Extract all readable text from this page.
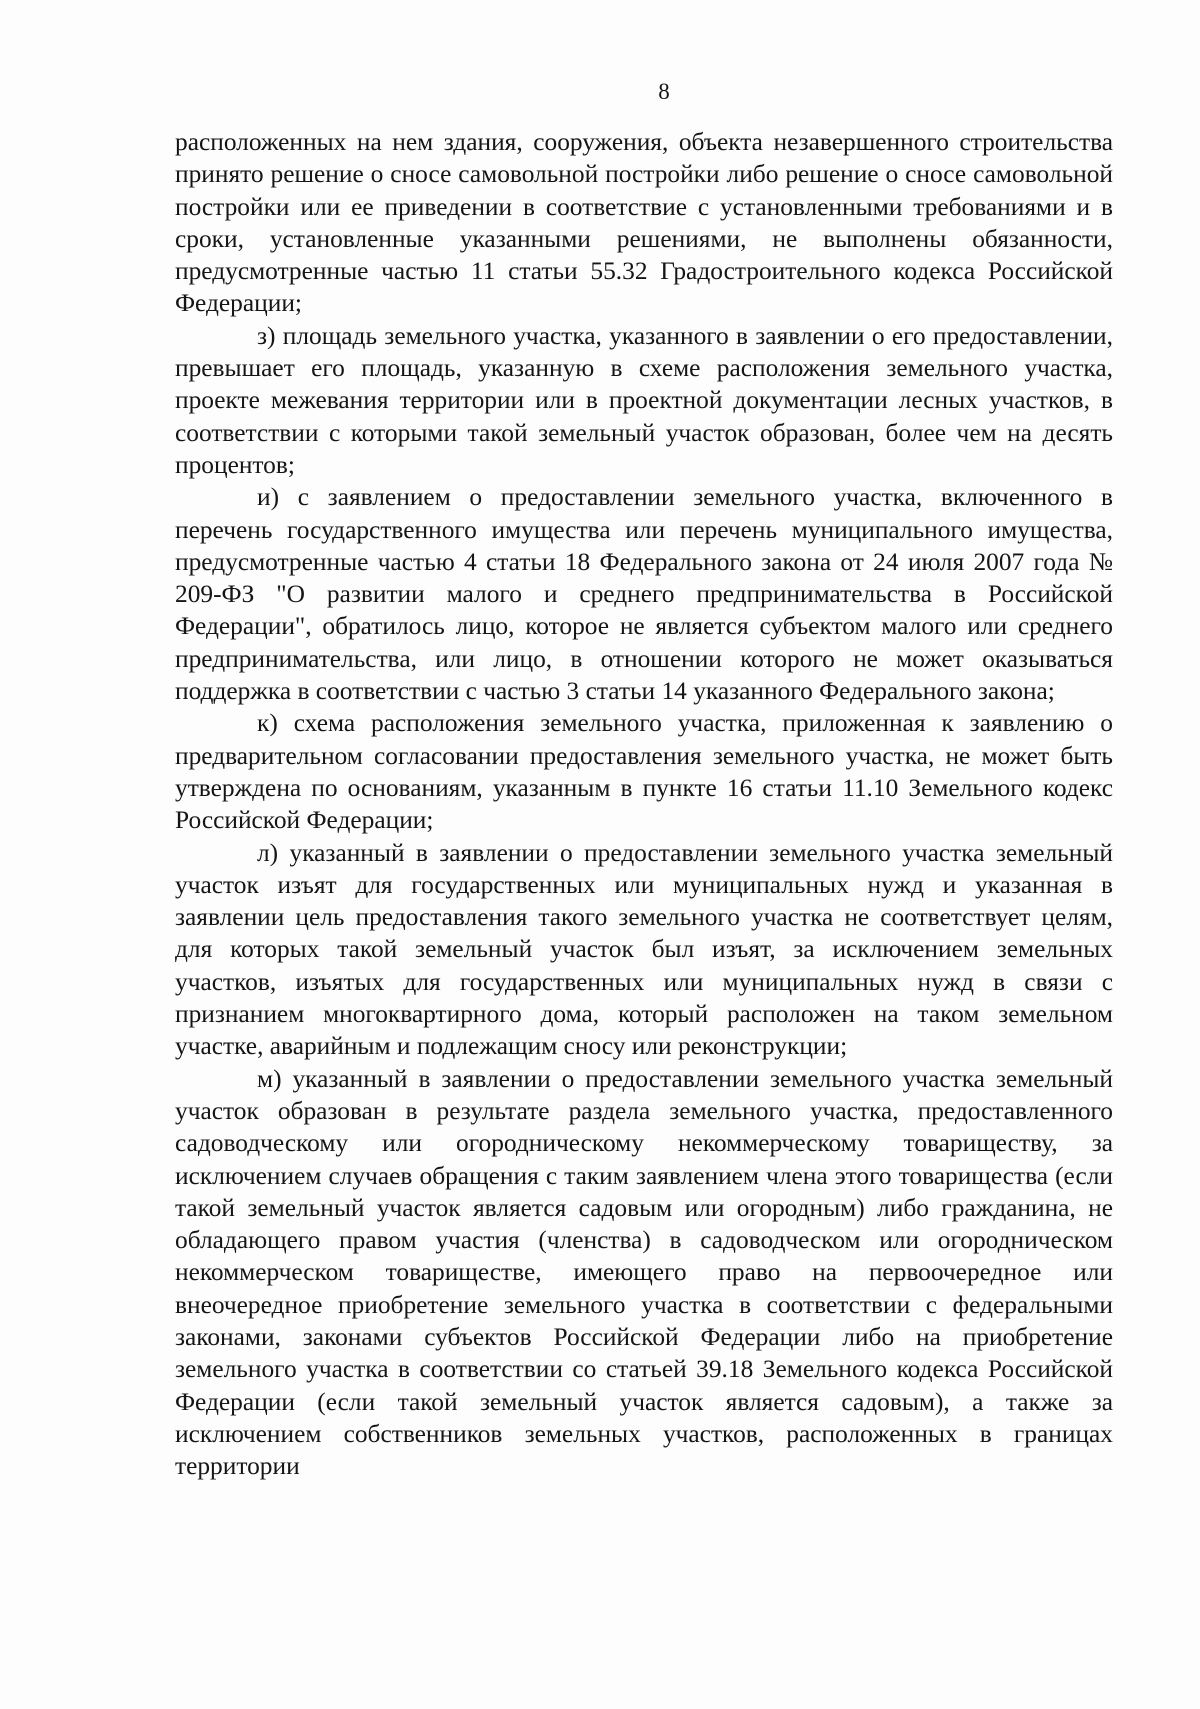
8

расположенных на нем здания, сооружения, объекта незавершенного строительства принято решение о сносе самовольной постройки либо решение о сносе самовольной постройки или ее приведении в соответствие с установленными требованиями и в сроки, установленные указанными решениями, не выполнены обязанности, предусмотренные частью 11 статьи 55.32 Градостроительного кодекса Российской Федерации;

з) площадь земельного участка, указанного в заявлении о его предоставлении, превышает его площадь, указанную в схеме расположения земельного участка, проекте межевания территории или в проектной документации лесных участков, в соответствии с которыми такой земельный участок образован, более чем на десять процентов;

и) с заявлением о предоставлении земельного участка, включенного в перечень государственного имущества или перечень муниципального имущества, предусмотренные частью 4 статьи 18 Федерального закона от 24 июля 2007 года № 209-ФЗ "О развитии малого и среднего предпринимательства в Российской Федерации", обратилось лицо, которое не является субъектом малого или среднего предпринимательства, или лицо, в отношении которого не может оказываться поддержка в соответствии с частью 3 статьи 14 указанного Федерального закона;

к) схема расположения земельного участка, приложенная к заявлению о предварительном согласовании предоставления земельного участка, не может быть утверждена по основаниям, указанным в пункте 16 статьи 11.10 Земельного кодекс Российской Федерации;

л) указанный в заявлении о предоставлении земельного участка земельный участок изъят для государственных или муниципальных нужд и указанная в заявлении цель предоставления такого земельного участка не соответствует целям, для которых такой земельный участок был изъят, за исключением земельных участков, изъятых для государственных или муниципальных нужд в связи с признанием многоквартирного дома, который расположен на таком земельном участке, аварийным и подлежащим сносу или реконструкции;

м) указанный в заявлении о предоставлении земельного участка земельный участок образован в результате раздела земельного участка, предоставленного садоводческому или огородническому некоммерческому товариществу, за исключением случаев обращения с таким заявлением члена этого товарищества (если такой земельный участок является садовым или огородным) либо гражданина, не обладающего правом участия (членства) в садоводческом или огородническом некоммерческом товариществе, имеющего право на первоочередное или внеочередное приобретение земельного участка в соответствии с федеральными законами, законами субъектов Российской Федерации либо на приобретение земельного участка в соответствии со статьей 39.18 Земельного кодекса Российской Федерации (если такой земельный участок является садовым), а также за исключением собственников земельных участков, расположенных в границах территории
